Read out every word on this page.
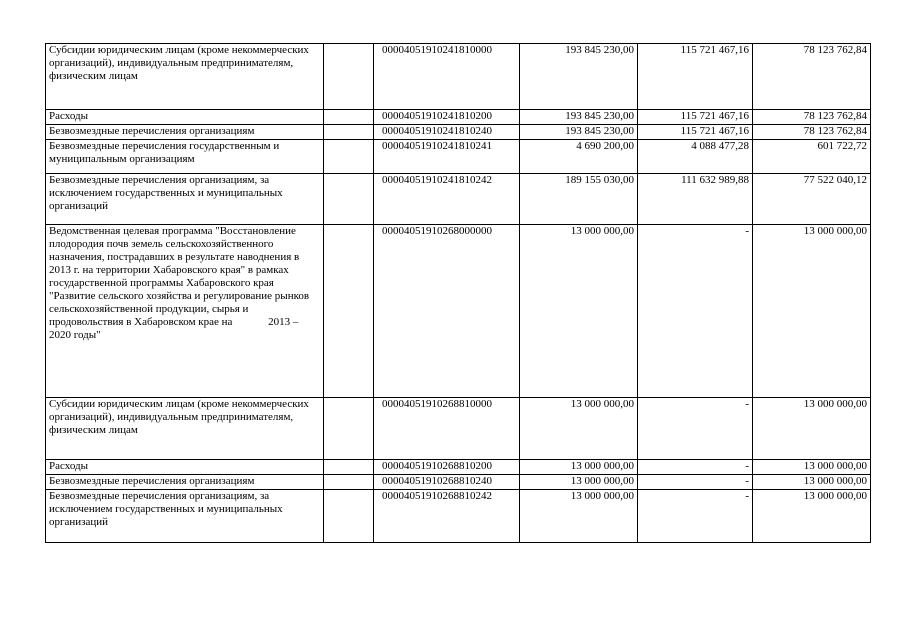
Субсидии юридическим лицам (кроме некоммерческих организаций), индивидуальным предпринимателям, физическим лицам		00004051910241810000	193 845 230,00	115 721 467,16	78 123 762,84
Расходы		00004051910241810200	193 845 230,00	115 721 467,16	78 123 762,84
Безвозмездные перечисления организациям		00004051910241810240	193 845 230,00	115 721 467,16	78 123 762,84
Безвозмездные перечисления государственным и муниципальным организациям		00004051910241810241	4 690 200,00	4 088 477,28	601 722,72
Безвозмездные перечисления организациям, за исключением государственных и муниципальных организаций		00004051910241810242	189 155 030,00	111 632 989,88	77 522 040,12
Ведомственная целевая программа "Восстановление плодородия почв земель сельскохозяйственного назначения, пострадавших в результате наводнения в 2013 г. на территории Хабаровского края" в рамках государственной программы Хабаровского края "Развитие сельского хозяйства и регулирование рынков сельскохозяйственной продукции, сырья и продовольствия в Хабаровском крае на             2013 – 2020 годы"		00004051910268000000	13 000 000,00	-	13 000 000,00
Субсидии юридическим лицам (кроме некоммерческих организаций), индивидуальным предпринимателям, физическим лицам		00004051910268810000	13 000 000,00	-	13 000 000,00
Расходы		00004051910268810200	13 000 000,00	-	13 000 000,00
Безвозмездные перечисления организациям		00004051910268810240	13 000 000,00	-	13 000 000,00
Безвозмездные перечисления организациям, за исключением государственных и муниципальных организаций		00004051910268810242	13 000 000,00	-	13 000 000,00
